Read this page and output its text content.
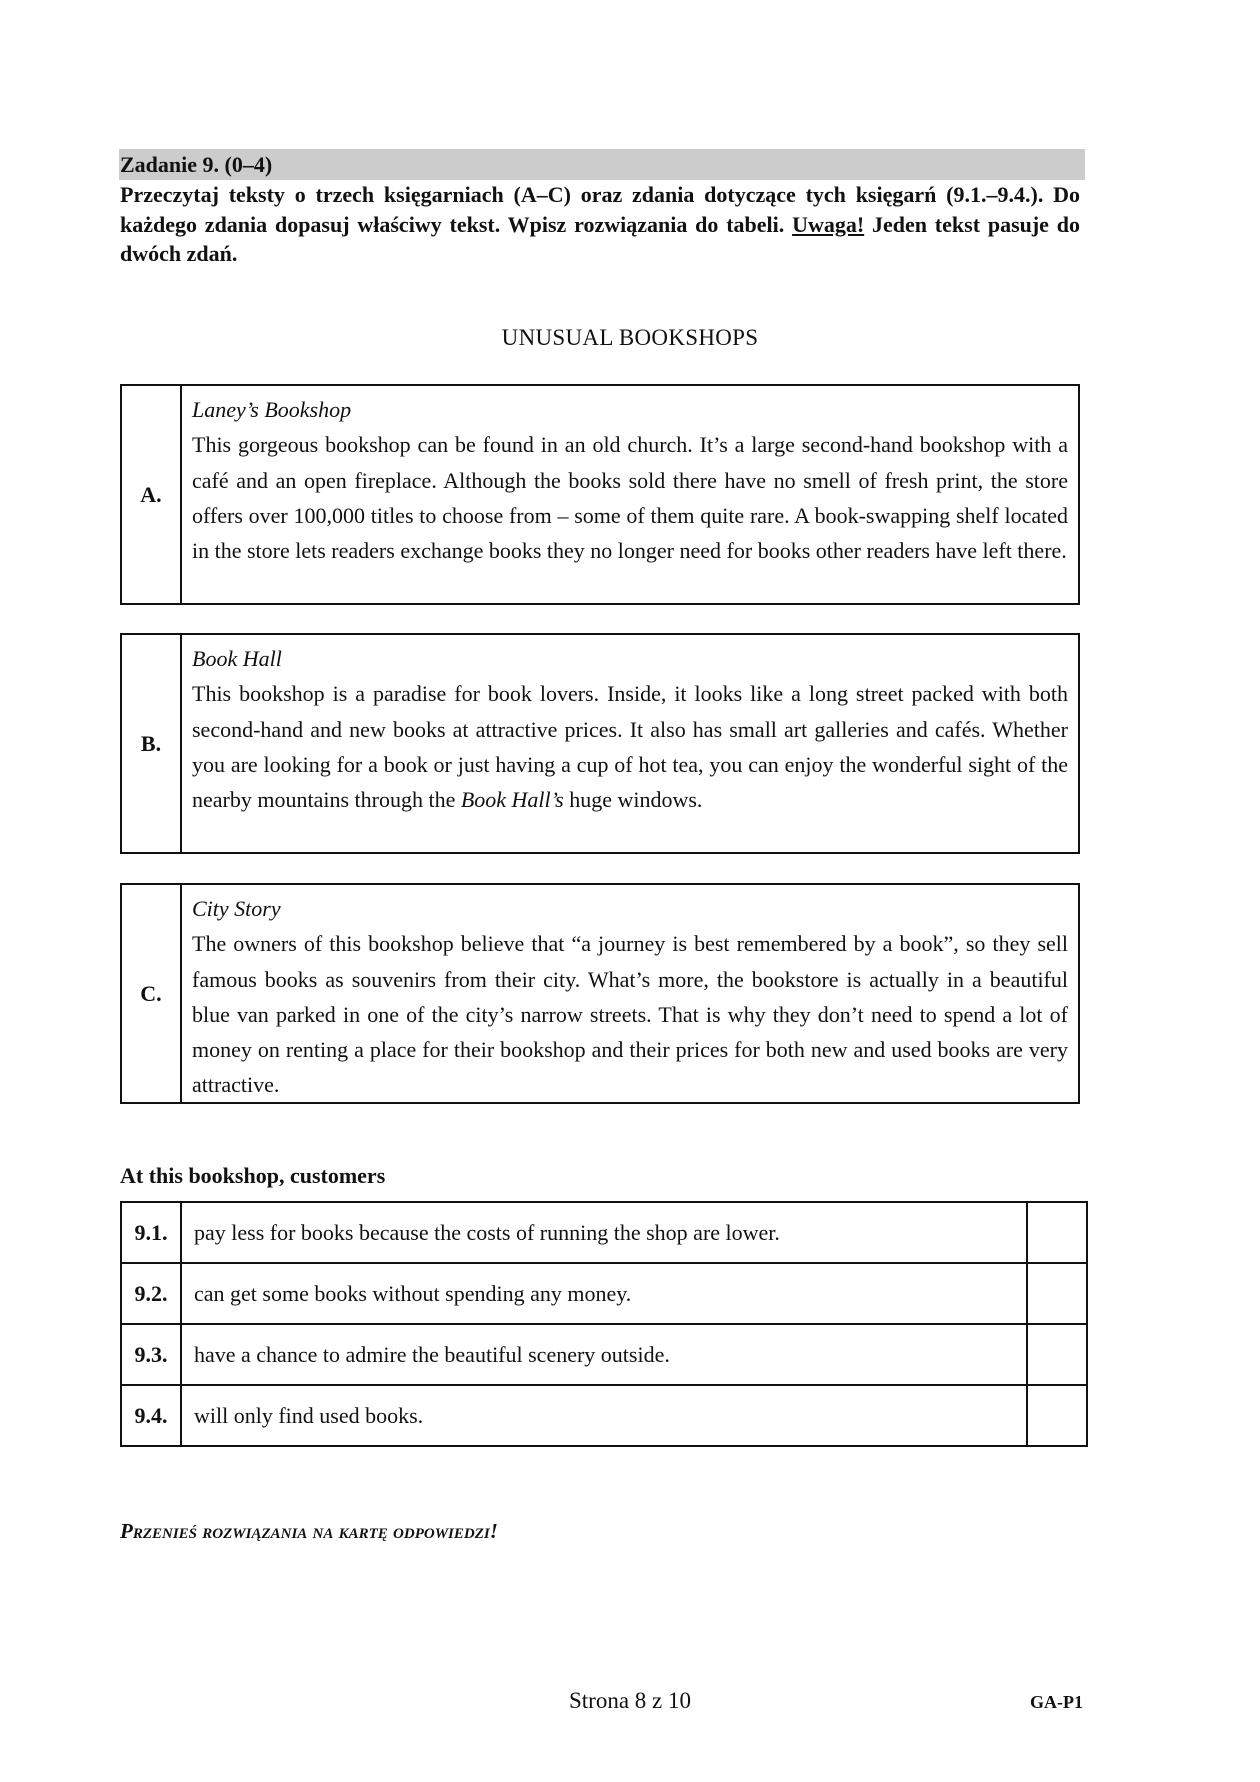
Zadanie 9. (0–4)
Przeczytaj teksty o trzech księgarniach (A–C) oraz zdania dotyczące tych księgarń (9.1.–9.4.). Do każdego zdania dopasuj właściwy tekst. Wpisz rozwiązania do tabeli. Uwaga! Jeden tekst pasuje do dwóch zdań.
UNUSUAL BOOKSHOPS
A.
Laney’s Bookshop
This gorgeous bookshop can be found in an old church. It’s a large second-hand bookshop with a café and an open fireplace. Although the books sold there have no smell of fresh print, the store offers over 100,000 titles to choose from – some of them quite rare. A book-swapping shelf located in the store lets readers exchange books they no longer need for books other readers have left there.
B.
Book Hall
This bookshop is a paradise for book lovers. Inside, it looks like a long street packed with both second-hand and new books at attractive prices. It also has small art galleries and cafés. Whether you are looking for a book or just having a cup of hot tea, you can enjoy the wonderful sight of the nearby mountains through the Book Hall’s huge windows.
C.
City Story
The owners of this bookshop believe that “a journey is best remembered by a book”, so they sell famous books as souvenirs from their city. What’s more, the bookstore is actually in a beautiful blue van parked in one of the city’s narrow streets. That is why they don’t need to spend a lot of money on renting a place for their bookshop and their prices for both new and used books are very attractive.
At this bookshop, customers
9.1.	pay less for books because the costs of running the shop are lower.	
9.2.	can get some books without spending any money.	
9.3.	have a chance to admire the beautiful scenery outside.	
9.4.	will only find used books.	
Przenieś rozwiązania na kartę odpowiedzi!
Strona 8 z 10	GA-P1
